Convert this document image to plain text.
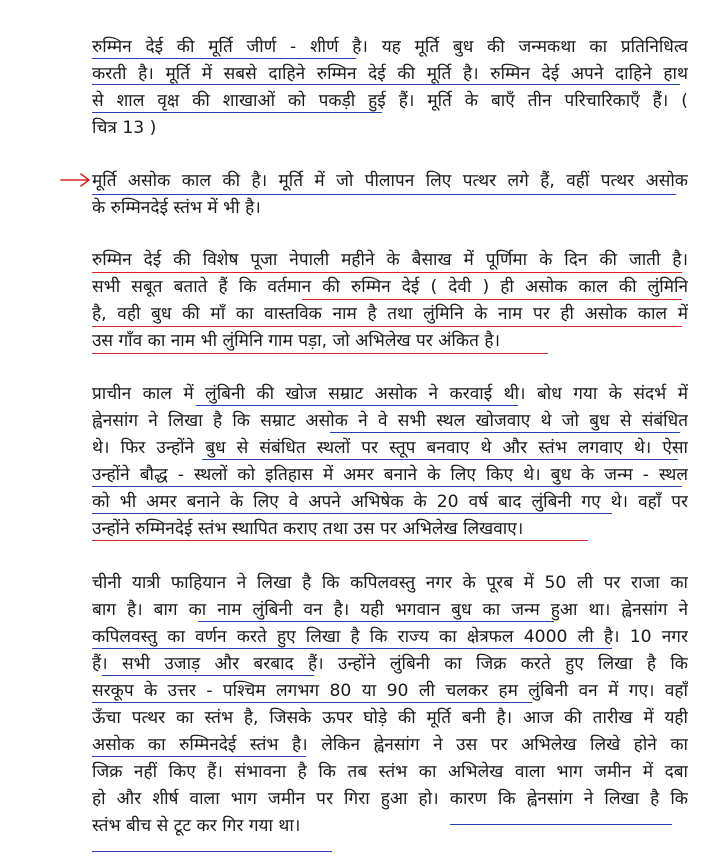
रुम्मिन देई की मूर्ति जीर्ण - शीर्ण है। यह मूर्ति बुध की जन्मकथा का प्रतिनिधित्व
करती है। मूर्ति में सबसे दाहिने रुम्मिन देई की मूर्ति है। रुम्मिन देई अपने दाहिने हाथ
से शाल वृक्ष की शाखाओं को पकड़ी हुई हैं। मूर्ति के बाएँ तीन परिचारिकाएँ हैं। (
चित्र 13 )
मूर्ति असोक काल की है। मूर्ति में जो पीलापन लिए पत्थर लगे हैं, वहीं पत्थर असोक
के रुम्मिनदेई स्तंभ में भी है।
रुम्मिन देई की विशेष पूजा नेपाली महीने के बैसाख में पूर्णिमा के दिन की जाती है।
सभी सबूत बताते हैं कि वर्तमान की रुम्मिन देई ( देवी ) ही असोक काल की लुंमिनि
है, वही बुध की माँ का वास्तविक नाम है तथा लुंमिनि के नाम पर ही असोक काल में
उस गाँव का नाम भी लुंमिनि गाम पड़ा, जो अभिलेख पर अंकित है।
प्राचीन काल में लुंबिनी की खोज सम्राट असोक ने करवाई थी। बोध गया के संदर्भ में
ह्वेनसांग ने लिखा है कि सम्राट असोक ने वे सभी स्थल खोजवाए थे जो बुध से संबंधित
थे। फिर उन्होंने बुध से संबंधित स्थलों पर स्तूप बनवाए थे और स्तंभ लगवाए थे। ऐसा
उन्होंने बौद्ध - स्थलों को इतिहास में अमर बनाने के लिए किए थे। बुध के जन्म - स्थल
को भी अमर बनाने के लिए वे अपने अभिषेक के 20 वर्ष बाद लुंबिनी गए थे। वहाँ पर
उन्होंने रुम्मिनदेई स्तंभ स्थापित कराए तथा उस पर अभिलेख लिखवाए।
चीनी यात्री फाहियान ने लिखा है कि कपिलवस्तु नगर के पूरब में 50 ली पर राजा का
बाग है। बाग का नाम लुंबिनी वन है। यही भगवान बुध का जन्म हुआ था। ह्वेनसांग ने
कपिलवस्तु का वर्णन करते हुए लिखा है कि राज्य का क्षेत्रफल 4000 ली है। 10 नगर
हैं। सभी उजाड़ और बरबाद हैं। उन्होंने लुंबिनी का जिक्र करते हुए लिखा है कि
सरकूप के उत्तर - पश्चिम लगभग 80 या 90 ली चलकर हम लुंबिनी वन में गए। वहाँ
ऊँचा पत्थर का स्तंभ है, जिसके ऊपर घोड़े की मूर्ति बनी है। आज की तारीख में यही
असोक का रुम्मिनदेई स्तंभ है। लेकिन ह्वेनसांग ने उस पर अभिलेख लिखे होने का
जिक्र नहीं किए हैं। संभावना है कि तब स्तंभ का अभिलेख वाला भाग जमीन में दबा
हो और शीर्ष वाला भाग जमीन पर गिरा हुआ हो। कारण कि ह्वेनसांग ने लिखा है कि
स्तंभ बीच से टूट कर गिर गया था।
